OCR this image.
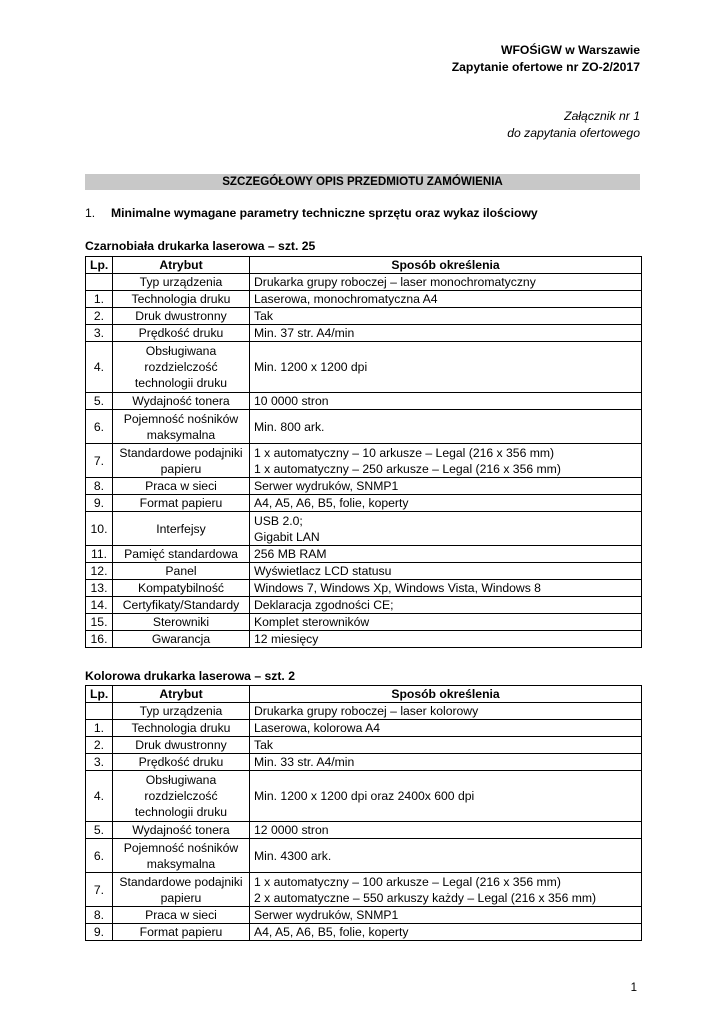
WFOŚiGW w Warszawie
Zapytanie ofertowe nr ZO-2/2017
Załącznik nr 1
do zapytania ofertowego
SZCZEGÓŁOWY OPIS PRZEDMIOTU ZAMÓWIENIA
1. Minimalne wymagane parametry techniczne sprzętu oraz wykaz ilościowy
Czarnobiała drukarka laserowa – szt. 25
Lp.	Atrybut	Sposób określenia
	Typ urządzenia	Drukarka grupy roboczej – laser monochromatyczny
1.	Technologia druku	Laserowa, monochromatyczna A4
2.	Druk dwustronny	Tak
3.	Prędkość druku	Min. 37 str. A4/min
4.	Obsługiwana rozdzielczość technologii druku	Min. 1200 x 1200 dpi
5.	Wydajność tonera	10 0000 stron
6.	Pojemność nośników maksymalna	Min. 800 ark.
7.	Standardowe podajniki papieru	1 x automatyczny – 10 arkusze – Legal (216 x 356 mm)
1 x automatyczny – 250 arkusze – Legal (216 x 356 mm)
8.	Praca w sieci	Serwer wydruków, SNMP1
9.	Format papieru	A4, A5, A6, B5, folie, koperty
10.	Interfejsy	USB 2.0;
Gigabit LAN
11.	Pamięć standardowa	256 MB RAM
12.	Panel	Wyświetlacz LCD statusu
13.	Kompatybilność	Windows 7, Windows Xp, Windows Vista, Windows 8
14.	Certyfikaty/Standardy	Deklaracja zgodności CE;
15.	Sterowniki	Komplet sterowników
16.	Gwarancja	12 miesięcy
Kolorowa drukarka laserowa – szt. 2
Lp.	Atrybut	Sposób określenia
	Typ urządzenia	Drukarka grupy roboczej – laser kolorowy
1.	Technologia druku	Laserowa, kolorowa A4
2.	Druk dwustronny	Tak
3.	Prędkość druku	Min. 33 str. A4/min
4.	Obsługiwana rozdzielczość technologii druku	Min. 1200 x 1200 dpi oraz 2400x 600 dpi
5.	Wydajność tonera	12 0000 stron
6.	Pojemność nośników maksymalna	Min. 4300 ark.
7.	Standardowe podajniki papieru	1 x automatyczny – 100 arkusze – Legal (216 x 356 mm)
2 x automatyczne – 550 arkuszy każdy – Legal (216 x 356 mm)
8.	Praca w sieci	Serwer wydruków, SNMP1
9.	Format papieru	A4, A5, A6, B5, folie, koperty
1
